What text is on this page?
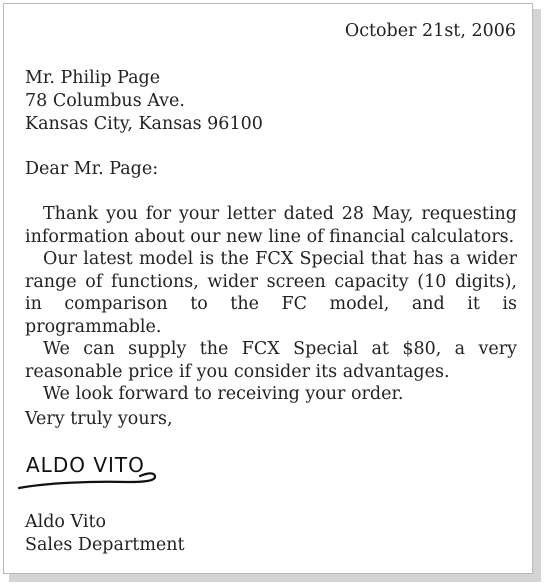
October 21st, 2006
Mr. Philip Page
78 Columbus Ave.
Kansas City, Kansas 96100
Dear Mr. Page:

Thank you for your letter dated 28 May, requesting information about our new line of financial calculators.

Our latest model is the FCX Special that has a wider range of functions, wider screen capacity (10 digits), in comparison to the FC model, and it is programmable.

We can supply the FCX Special at $80, a very reasonable price if you consider its advantages.

We look forward to receiving your order.

Very truly yours,
ALDO VITO
Aldo Vito
Sales Department
